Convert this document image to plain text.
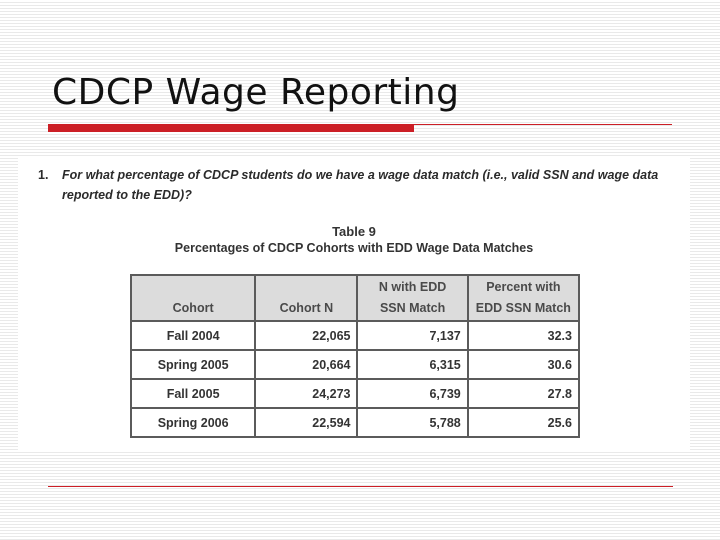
CDCP Wage Reporting
1.	For what percentage of CDCP students do we have a wage data match (i.e., valid SSN and wage data reported to the EDD)?
Table 9
Percentages of CDCP Cohorts with EDD Wage Data Matches
Cohort	Cohort N	N with EDD SSN Match	Percent with EDD SSN Match
Fall 2004	22,065	7,137	32.3
Spring 2005	20,664	6,315	30.6
Fall 2005	24,273	6,739	27.8
Spring 2006	22,594	5,788	25.6
